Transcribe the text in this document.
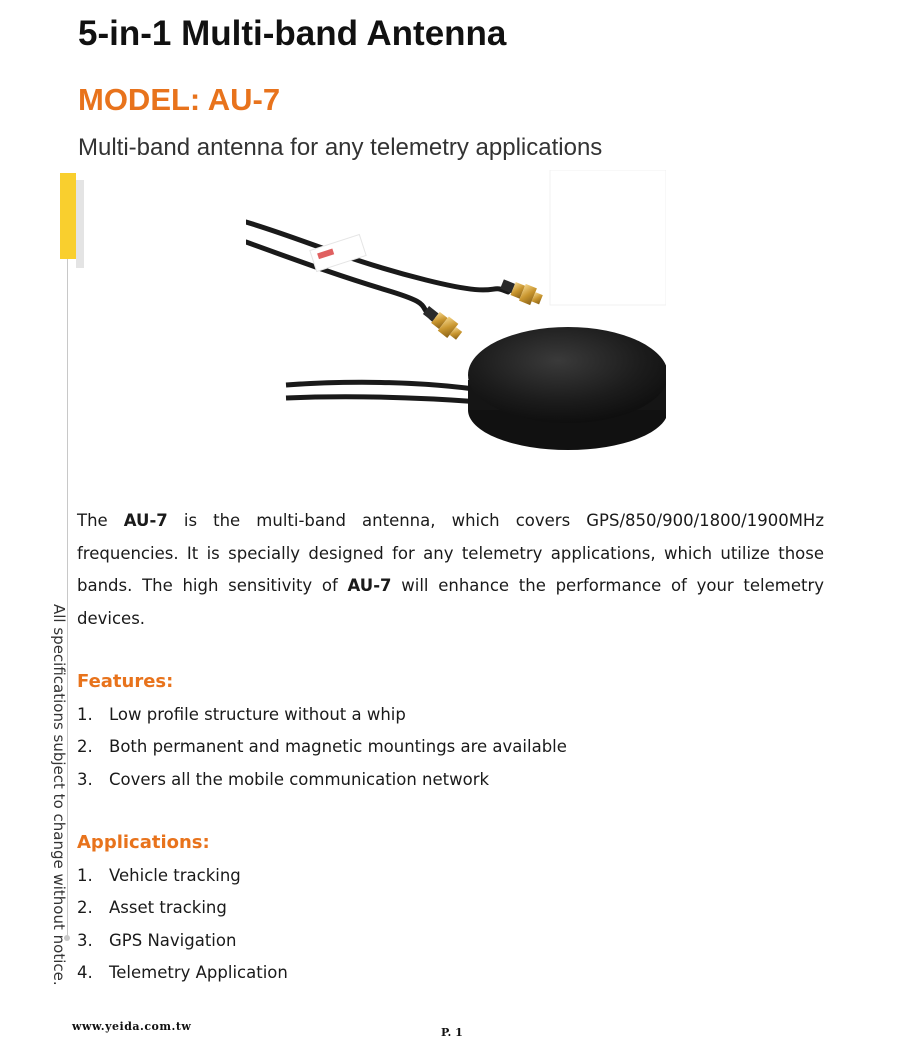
5-in-1 Multi-band Antenna
MODEL: AU-7
Multi-band antenna for any telemetry applications
All specifications subject to change without notice.

The AU-7 is the multi-band antenna, which covers GPS/850/900/1800/1900MHz frequencies. It is specially designed for any telemetry applications, which utilize those bands. The high sensitivity of AU-7 will enhance the performance of your telemetry devices.

Features:
1. Low profile structure without a whip
2. Both permanent and magnetic mountings are available
3. Covers all the mobile communication network
Applications:
1. Vehicle tracking
2. Asset tracking
3. GPS Navigation
4. Telemetry Application
www.yeida.com.tw	P. 1
